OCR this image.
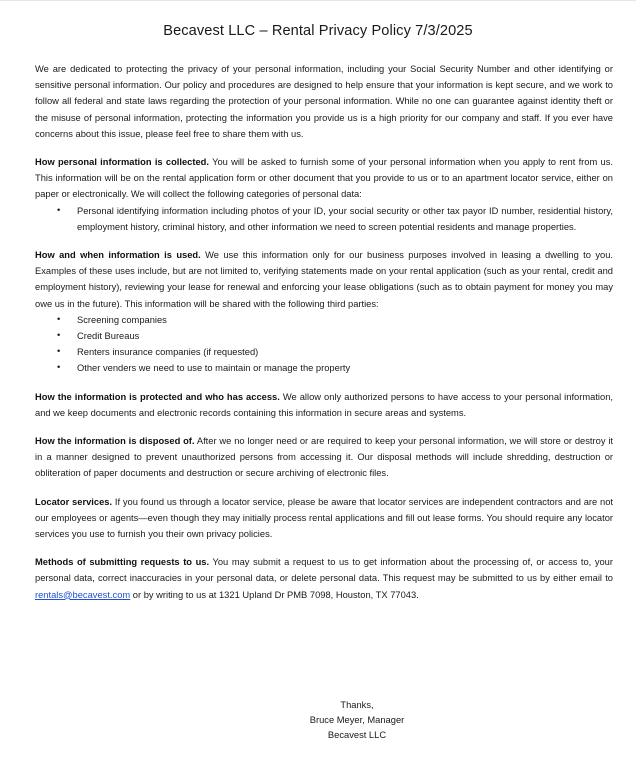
Becavest LLC – Rental Privacy Policy 7/3/2025

We are dedicated to protecting the privacy of your personal information, including your Social Security Number and other identifying or sensitive personal information. Our policy and procedures are designed to help ensure that your information is kept secure, and we work to follow all federal and state laws regarding the protection of your personal information. While no one can guarantee against identity theft or the misuse of personal information, protecting the information you provide us is a high priority for our company and staff. If you ever have concerns about this issue, please feel free to share them with us.

How personal information is collected. You will be asked to furnish some of your personal information when you apply to rent from us. This information will be on the rental application form or other document that you provide to us or to an apartment locator service, either on paper or electronically. We will collect the following categories of personal data:

• Personal identifying information including photos of your ID, your social security or other tax payor ID number, residential history, employment history, criminal history, and other information we need to screen potential residents and manage properties.

How and when information is used. We use this information only for our business purposes involved in leasing a dwelling to you. Examples of these uses include, but are not limited to, verifying statements made on your rental application (such as your rental, credit and employment history), reviewing your lease for renewal and enforcing your lease obligations (such as to obtain payment for money you may owe us in the future). This information will be shared with the following third parties:

• Screening companies
• Credit Bureaus
• Renters insurance companies (if requested)
• Other venders we need to use to maintain or manage the property

How the information is protected and who has access. We allow only authorized persons to have access to your personal information, and we keep documents and electronic records containing this information in secure areas and systems.

How the information is disposed of. After we no longer need or are required to keep your personal information, we will store or destroy it in a manner designed to prevent unauthorized persons from accessing it. Our disposal methods will include shredding, destruction or obliteration of paper documents and destruction or secure archiving of electronic files.

Locator services. If you found us through a locator service, please be aware that locator services are independent contractors and are not our employees or agents—even though they may initially process rental applications and fill out lease forms. You should require any locator services you use to furnish you their own privacy policies.

Methods of submitting requests to us. You may submit a request to us to get information about the processing of, or access to, your personal data, correct inaccuracies in your personal data, or delete personal data. This request may be submitted to us by either email to rentals@becavest.com or by writing to us at 1321 Upland Dr PMB 7098, Houston, TX 77043.

Thanks,
Bruce Meyer, Manager
Becavest LLC
